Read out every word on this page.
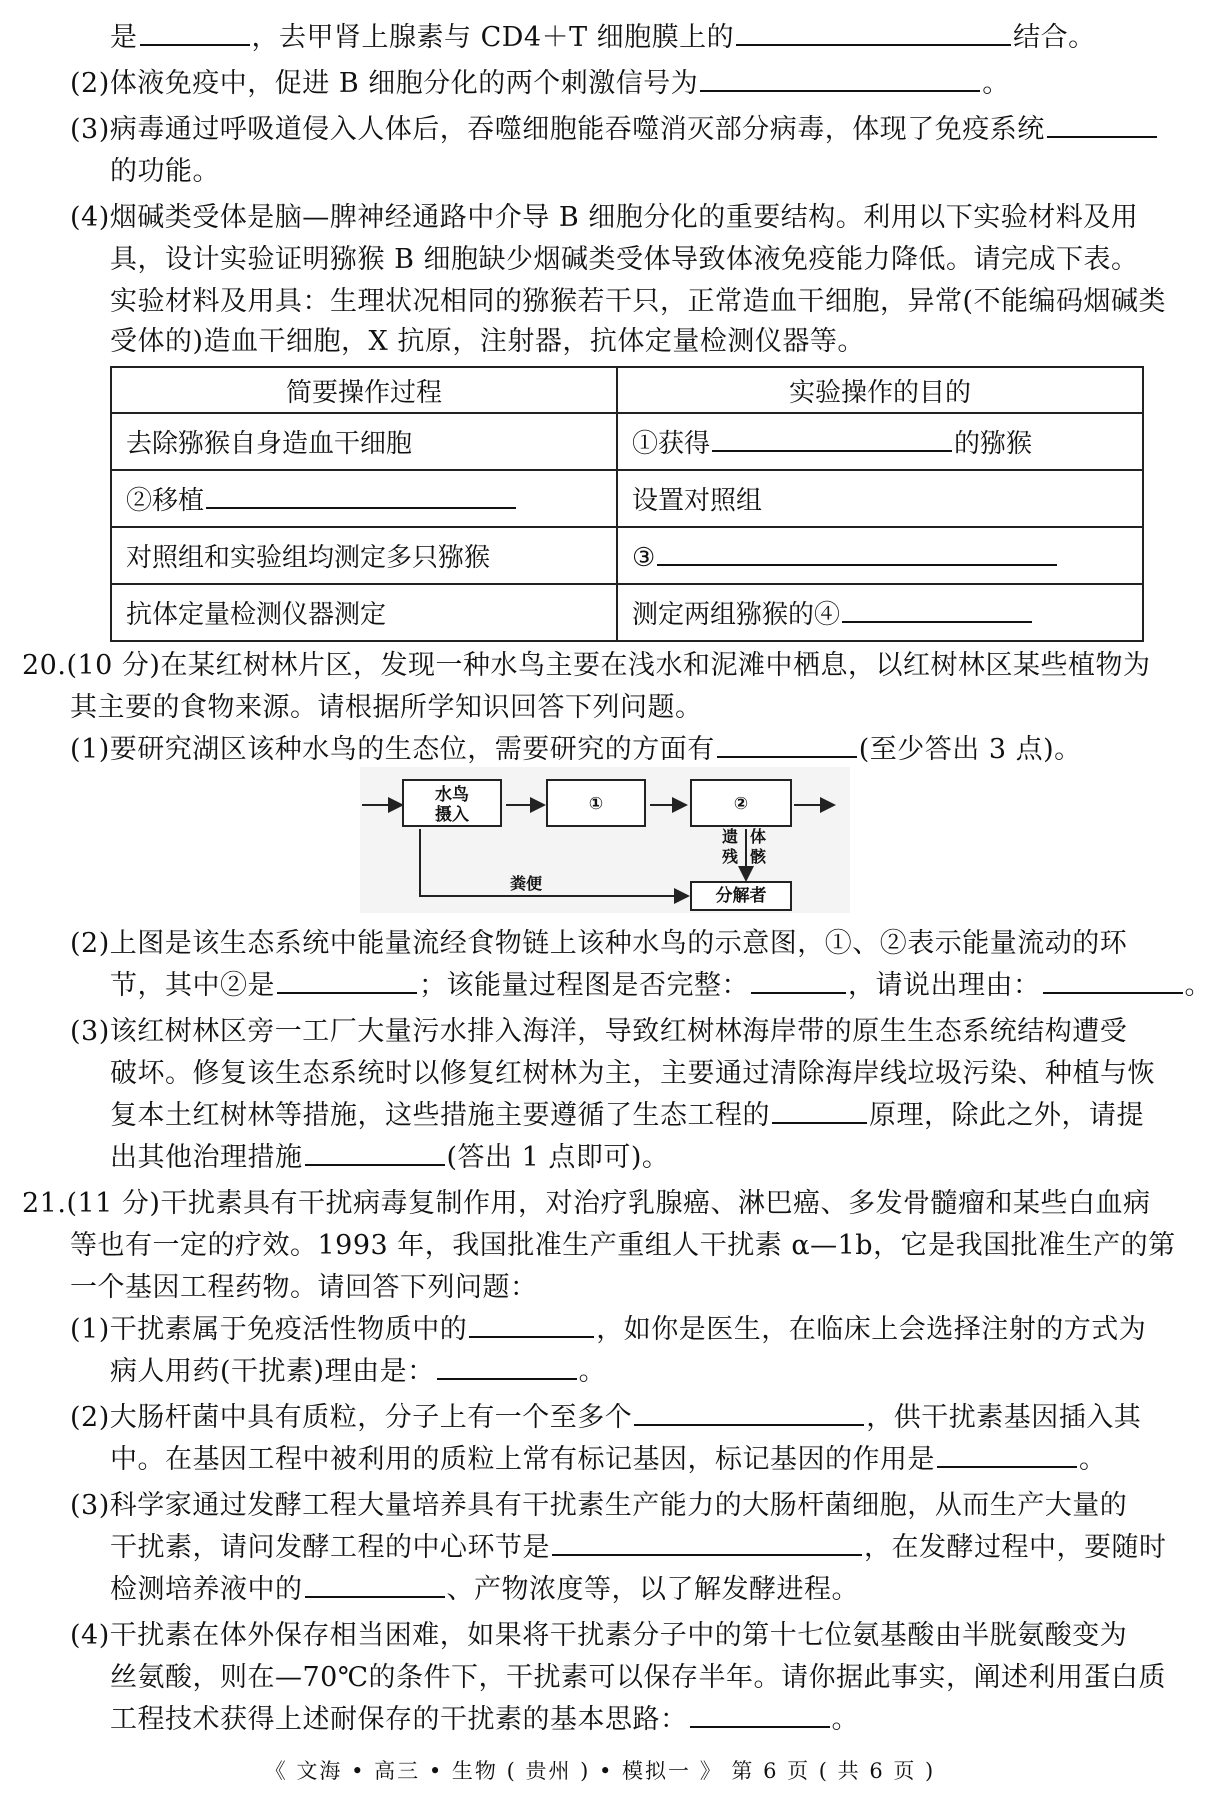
是	，去甲肾上腺素与 CD4＋T 细胞膜上的	结合。
(2)体液免疫中，促进 B 细胞分化的两个刺激信号为	。
(3)病毒通过呼吸道侵入人体后，吞噬细胞能吞噬消灭部分病毒，体现了免疫系统
的功能。
(4)烟碱类受体是脑—脾神经通路中介导 B 细胞分化的重要结构。利用以下实验材料及用
具，设计实验证明猕猴 B 细胞缺少烟碱类受体导致体液免疫能力降低。请完成下表。
实验材料及用具：生理状况相同的猕猴若干只，正常造血干细胞，异常(不能编码烟碱类
受体的)造血干细胞，X 抗原，注射器，抗体定量检测仪器等。
简要操作过程	实验操作的目的
去除猕猴自身造血干细胞	①获得 的猕猴
②移植	设置对照组
对照组和实验组均测定多只猕猴	③
抗体定量检测仪器测定	测定两组猕猴的④
20.(10 分)在某红树林片区，发现一种水鸟主要在浅水和泥滩中栖息，以红树林区某些植物为
其主要的食物来源。请根据所学知识回答下列问题。
(1)要研究湖区该种水鸟的生态位，需要研究的方面有	(至少答出 3 点)。
水鸟
摄入
①	②
分解者
粪便
遗
残
体
骸
(2)上图是该生态系统中能量流经食物链上该种水鸟的示意图，①、②表示能量流动的环
节，其中②是	；该能量过程图是否完整：	，请说出理由：	。
(3)该红树林区旁一工厂大量污水排入海洋，导致红树林海岸带的原生生态系统结构遭受
破坏。修复该生态系统时以修复红树林为主，主要通过清除海岸线垃圾污染、种植与恢
复本土红树林等措施，这些措施主要遵循了生态工程的	原理，除此之外，请提
出其他治理措施	(答出 1 点即可)。
21.(11 分)干扰素具有干扰病毒复制作用，对治疗乳腺癌、淋巴癌、多发骨髓瘤和某些白血病
等也有一定的疗效。1993 年，我国批准生产重组人干扰素 α—1b，它是我国批准生产的第
一个基因工程药物。请回答下列问题：
(1)干扰素属于免疫活性物质中的	，如你是医生，在临床上会选择注射的方式为
病人用药(干扰素)理由是：	。
(2)大肠杆菌中具有质粒，分子上有一个至多个	，供干扰素基因插入其
中。在基因工程中被利用的质粒上常有标记基因，标记基因的作用是	。
(3)科学家通过发酵工程大量培养具有干扰素生产能力的大肠杆菌细胞，从而生产大量的
干扰素，请问发酵工程的中心环节是	，在发酵过程中，要随时
检测培养液中的	、产物浓度等，以了解发酵进程。
(4)干扰素在体外保存相当困难，如果将干扰素分子中的第十七位氨基酸由半胱氨酸变为
丝氨酸，则在—70℃的条件下，干扰素可以保存半年。请你据此事实，阐述利用蛋白质
工程技术获得上述耐保存的干扰素的基本思路：	。
《 文海 • 高三 • 生物 ( 贵州 ) • 模拟一 》 第 6 页 ( 共 6 页 )
